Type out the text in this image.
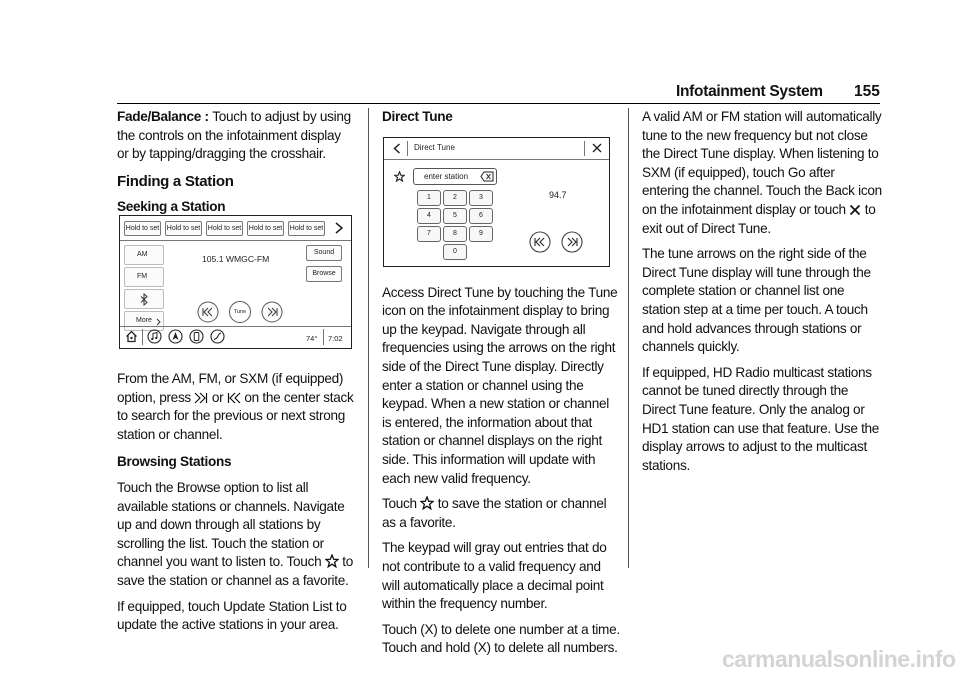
Infotainment System 155

Fade/Balance : Touch to adjust by using the controls on the infotainment display or by tapping/dragging the crosshair.

Finding a Station
Seeking a Station

From the AM, FM, or SXM (if equipped) option, press or on the center stack to search for the previous or next strong station or channel.

Browsing Stations

Touch the Browse option to list all available stations or channels. Navigate up and down through all stations by scrolling the list. Touch the station or channel you want to listen to. Touch to save the station or channel as a favorite.

If equipped, touch Update Station List to update the active stations in your area.

Hold to set Hold to set Hold to set Hold to set Hold to set
AM
FM
More
105.1 WMGC-FM
Sound
Browse
Tune
74° 7:02
Direct Tune

Access Direct Tune by touching the Tune icon on the infotainment display to bring up the keypad. Navigate through all frequencies using the arrows on the right side of the Direct Tune display. Directly enter a station or channel using the keypad. When a new station or channel is entered, the information about that station or channel displays on the right side. This information will update with each new valid frequency.

Touch to save the station or channel as a favorite.

The keypad will gray out entries that do not contribute to a valid frequency and will automatically place a decimal point within the frequency number.

Touch (X) to delete one number at a time. Touch and hold (X) to delete all numbers.

Direct Tune
enter station
1	2	3
4	5	6
7	8	9
0
94.7

A valid AM or FM station will automatically tune to the new frequency but not close the Direct Tune display. When listening to SXM (if equipped), touch Go after entering the channel. Touch the Back icon on the infotainment display or touch to exit out of Direct Tune.

The tune arrows on the right side of the Direct Tune display will tune through the complete station or channel list one station step at a time per touch. A touch and hold advances through stations or channels quickly.

If equipped, HD Radio multicast stations cannot be tuned directly through the Direct Tune feature. Only the analog or HD1 station can use that feature. Use the display arrows to adjust to the multicast stations.

carmanualsonline.info
